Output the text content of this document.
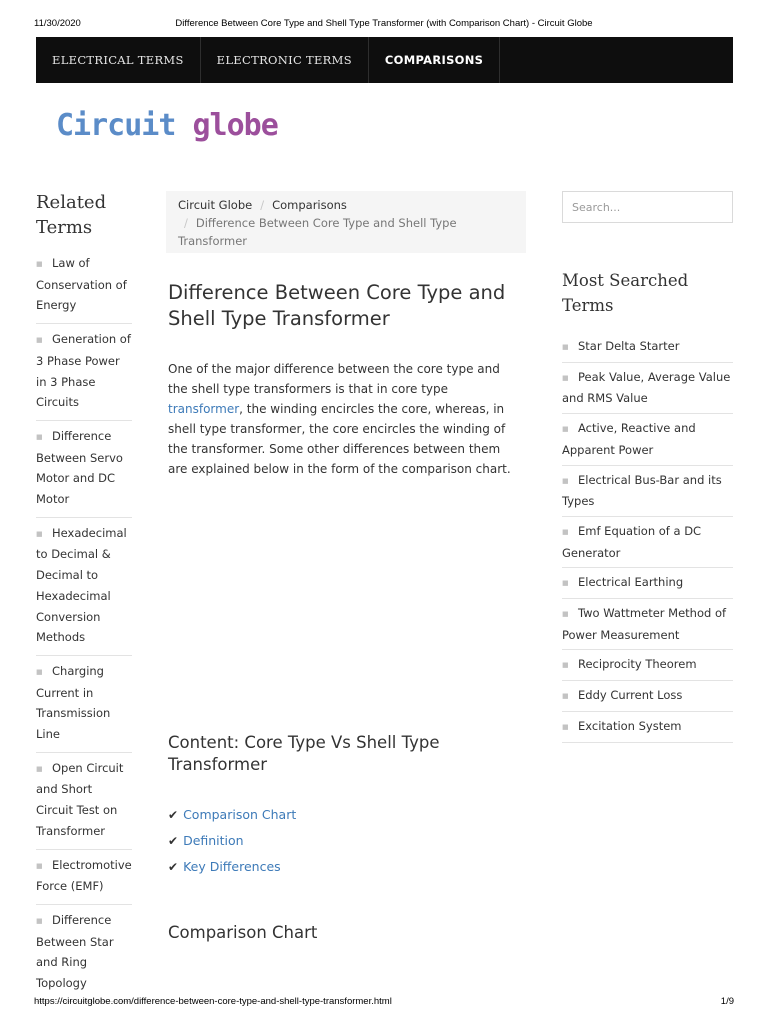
11/30/2020	Difference Between Core Type and Shell Type Transformer (with Comparison Chart) - Circuit Globe
ELECTRICAL TERMS	ELECTRONIC TERMS	COMPARISONS
Circuit globe
Related Terms
■ Law of Conservation of Energy
■ Generation of 3 Phase Power in 3 Phase Circuits
■ Difference Between Servo Motor and DC Motor
■ Hexadecimal to Decimal & Decimal to Hexadecimal Conversion Methods
■ Charging Current in Transmission Line
■ Open Circuit and Short Circuit Test on Transformer
■ Electromotive Force (EMF)
■ Difference Between Star and Ring Topology
Circuit Globe / Comparisons
/ Difference Between Core Type and Shell Type Transformer
Difference Between Core Type and Shell Type Transformer

One of the major difference between the core type and the shell type transformers is that in core type transformer, the winding encircles the core, whereas, in shell type transformer, the core encircles the winding of the transformer. Some other differences between them are explained below in the form of the comparison chart.

Content: Core Type Vs Shell Type Transformer
✔ Comparison Chart
✔ Definition
✔ Key Differences
Comparison Chart
Search...
Most Searched Terms
■ Star Delta Starter
■ Peak Value, Average Value and RMS Value
■ Active, Reactive and Apparent Power
■ Electrical Bus-Bar and its Types
■ Emf Equation of a DC Generator
■ Electrical Earthing
■ Two Wattmeter Method of Power Measurement
■ Reciprocity Theorem
■ Eddy Current Loss
■ Excitation System
https://circuitglobe.com/difference-between-core-type-and-shell-type-transformer.html	1/9
